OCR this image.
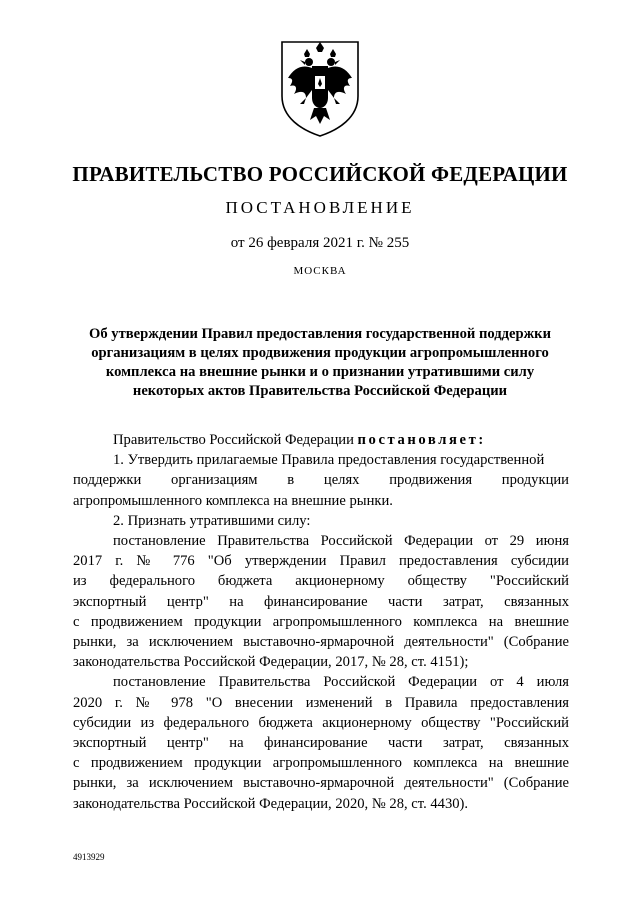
ПРАВИТЕЛЬСТВО РОССИЙСКОЙ ФЕДЕРАЦИИ
ПОСТАНОВЛЕНИЕ
от 26 февраля 2021 г. № 255
МОСКВА
Об утверждении Правил предоставления государственной поддержки
организациям в целях продвижения продукции агропромышленного
комплекса на внешние рынки и о признании утратившими силу
некоторых актов Правительства Российской Федерации
Правительство Российской Федерации постановляет:
1. Утвердить прилагаемые Правила предоставления государственной
поддержки организациям в целях продвижения продукции
агропромышленного комплекса на внешние рынки.
2. Признать утратившими силу:
постановление Правительства Российской Федерации от 29 июня
2017 г. № 776 "Об утверждении Правил предоставления субсидии
из федерального бюджета акционерному обществу "Российский
экспортный центр" на финансирование части затрат, связанных
с продвижением продукции агропромышленного комплекса на внешние
рынки, за исключением выставочно-ярмарочной деятельности" (Собрание
законодательства Российской Федерации, 2017, № 28, ст. 4151);
постановление Правительства Российской Федерации от 4 июля
2020 г. № 978 "О внесении изменений в Правила предоставления
субсидии из федерального бюджета акционерному обществу "Российский
экспортный центр" на финансирование части затрат, связанных
с продвижением продукции агропромышленного комплекса на внешние
рынки, за исключением выставочно-ярмарочной деятельности" (Собрание
законодательства Российской Федерации, 2020, № 28, ст. 4430).
4913929
